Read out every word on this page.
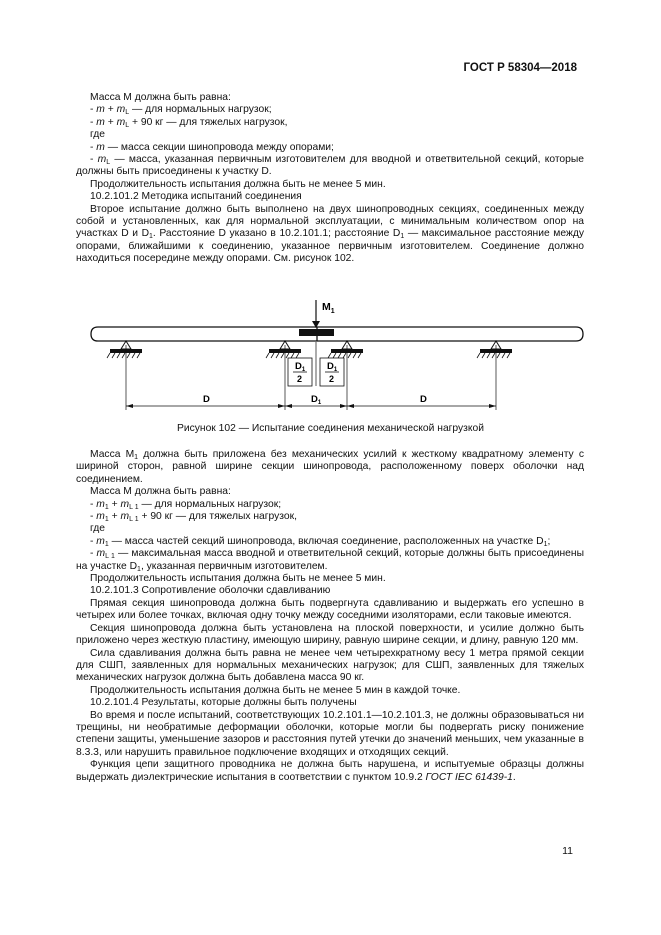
ГОСТ Р 58304—2018

Масса М должна быть равна:

- $m + m_L$ — для нормальных нагрузок;

- $m + m_L + 90$ кг — для тяжелых нагрузок,

где

- m — масса секции шинопровода между опорами;

- $m_L$ — масса, указанная первичным изготовителем для вводной и ответвительной секций, которые должны быть присоединены к участку D.

Продолжительность испытания должна быть не менее 5 мин.

10.2.101.2 Методика испытаний соединения

Второе испытание должно быть выполнено на двух шинопроводных секциях, соединенных между собой и установленных, как для нормальной эксплуатации, с минимальным количеством опор на участках D и $D_1$. Расстояние D указано в 10.2.101.1; расстояние $D_1$ — максимальное расстояние между опорами, ближайшими к соединению, указанное первичным изготовителем. Соединение должно находиться посередине между опорами. См. рисунок 102.

$M_1$
$D_1$
2
$D_1$
2
D	$D_1$	D
Рисунок 102 — Испытание соединения механической нагрузкой

Масса $M_1$ должна быть приложена без механических усилий к жесткому квадратному элементу с шириной сторон, равной ширине секции шинопровода, расположенному поверх оболочки над соединением.

Масса М должна быть равна:

- $m_1 + m_{L 1}$ — для нормальных нагрузок;

- $m_1 + m_{L 1} + 90$ кг — для тяжелых нагрузок,

где

- $m_1$ — масса частей секций шинопровода, включая соединение, расположенных на участке $D_1$;

- $m_{L 1}$ — максимальная масса вводной и ответвительной секций, которые должны быть присоединены на участке $D_1$, указанная первичным изготовителем.

Продолжительность испытания должна быть не менее 5 мин.

10.2.101.3 Сопротивление оболочки сдавливанию

Прямая секция шинопровода должна быть подвергнута сдавливанию и выдержать его успешно в четырех или более точках, включая одну точку между соседними изоляторами, если таковые имеются.

Секция шинопровода должна быть установлена на плоской поверхности, и усилие должно быть приложено через жесткую пластину, имеющую ширину, равную ширине секции, и длину, равную 120 мм.

Сила сдавливания должна быть равна не менее чем четырехкратному весу 1 метра прямой секции для СШП, заявленных для нормальных механических нагрузок; для СШП, заявленных для тяжелых механических нагрузок должна быть добавлена масса 90 кг.

Продолжительность испытания должна быть не менее 5 мин в каждой точке.

10.2.101.4 Результаты, которые должны быть получены

Во время и после испытаний, соответствующих 10.2.101.1—10.2.101.3, не должны образовываться ни трещины, ни необратимые деформации оболочки, которые могли бы подвергать риску понижение степени защиты, уменьшение зазоров и расстояния путей утечки до значений меньших, чем указанные в 8.3.3, или нарушить правильное подключение входящих и отходящих секций.

Функция цепи защитного проводника не должна быть нарушена, и испытуемые образцы должны выдержать диэлектрические испытания в соответствии с пунктом 10.9.2 ГОСТ IEC 61439-1.

11
